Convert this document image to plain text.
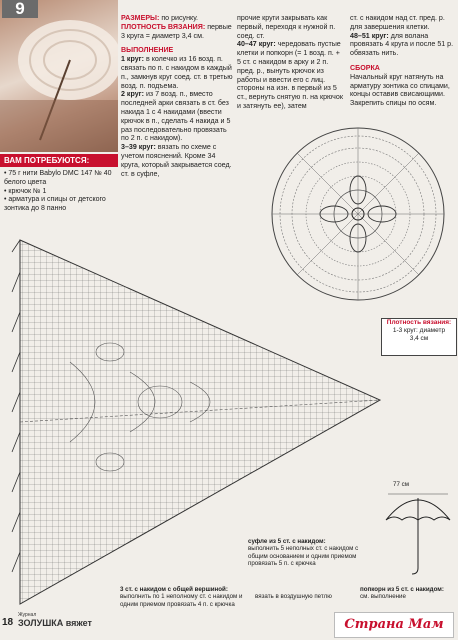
9	РАЗМЕРЫ: по рисунку.
ПЛОТНОСТЬ ВЯЗАНИЯ: первые 3 круга = диаметр 3,4 см.
ВЫПОЛНЕНИЕ
1 круг: в колечко из 16 возд. п. связать по п. с накидом в каждый п., замкнув круг соед. ст. в третью возд. п. подъема.
2 круг: из 7 возд. п., вместо последней арки связать в ст. без накида 1 с 4 накидами (ввести крючок в п., сделать 4 накида и 5 раз последовательно провязать по 2 п. с накидом).
3–39 круг: вязать по схеме с учетом пояснений. Кроме 34 круга, который закрывается соед. ст. в суфле,
прочие круги закрывать как первый, переходя к нужной п. соед. ст.
40–47 круг: чередовать пустые клетки и попкорн (= 1 возд. п. + 5 ст. с накидом в арку и 2 п. пред. р., вынуть крючок из работы и ввести его с лиц. стороны на изн. в первый из 5 ст., вернуть снятую п. на крючок и затянуть ее), затем
ст. с накидом над ст. пред. р. для завершения клетки.
48–51 круг: для волана провязать 4 круга и после 51 р. обвязать нить.
СБОРКА
Начальный круг натянуть на арматуру зонтика со спицами, концы оставив свисающими. Закрепить спицы по осям.
ВАМ ПОТРЕБУЮТСЯ:
• 75 г нити Babylo DMC 147 № 40 белого цвета
• крючок № 1
• арматура и спицы от детского зонтика до 8 панно
Плотность вязания:
1-3 круг: диаметр
3,4 см
77 см
суфле из 5 ст. с накидом:
выполнить 5 неполных ст. с накидом с общим основанием и одним приемом провязать 5 п. с крючка
3 ст. с накидом с общей вершиной:
выполнить по 1 неполному ст. с накидом и одним приемом провязать 4 п. с крючка
вязать в воздушную петлю
попкорн из 5 ст. с накидом:
см. выполнение
18
Журнал
ЗОЛУШКА вяжет	Страна Мам
